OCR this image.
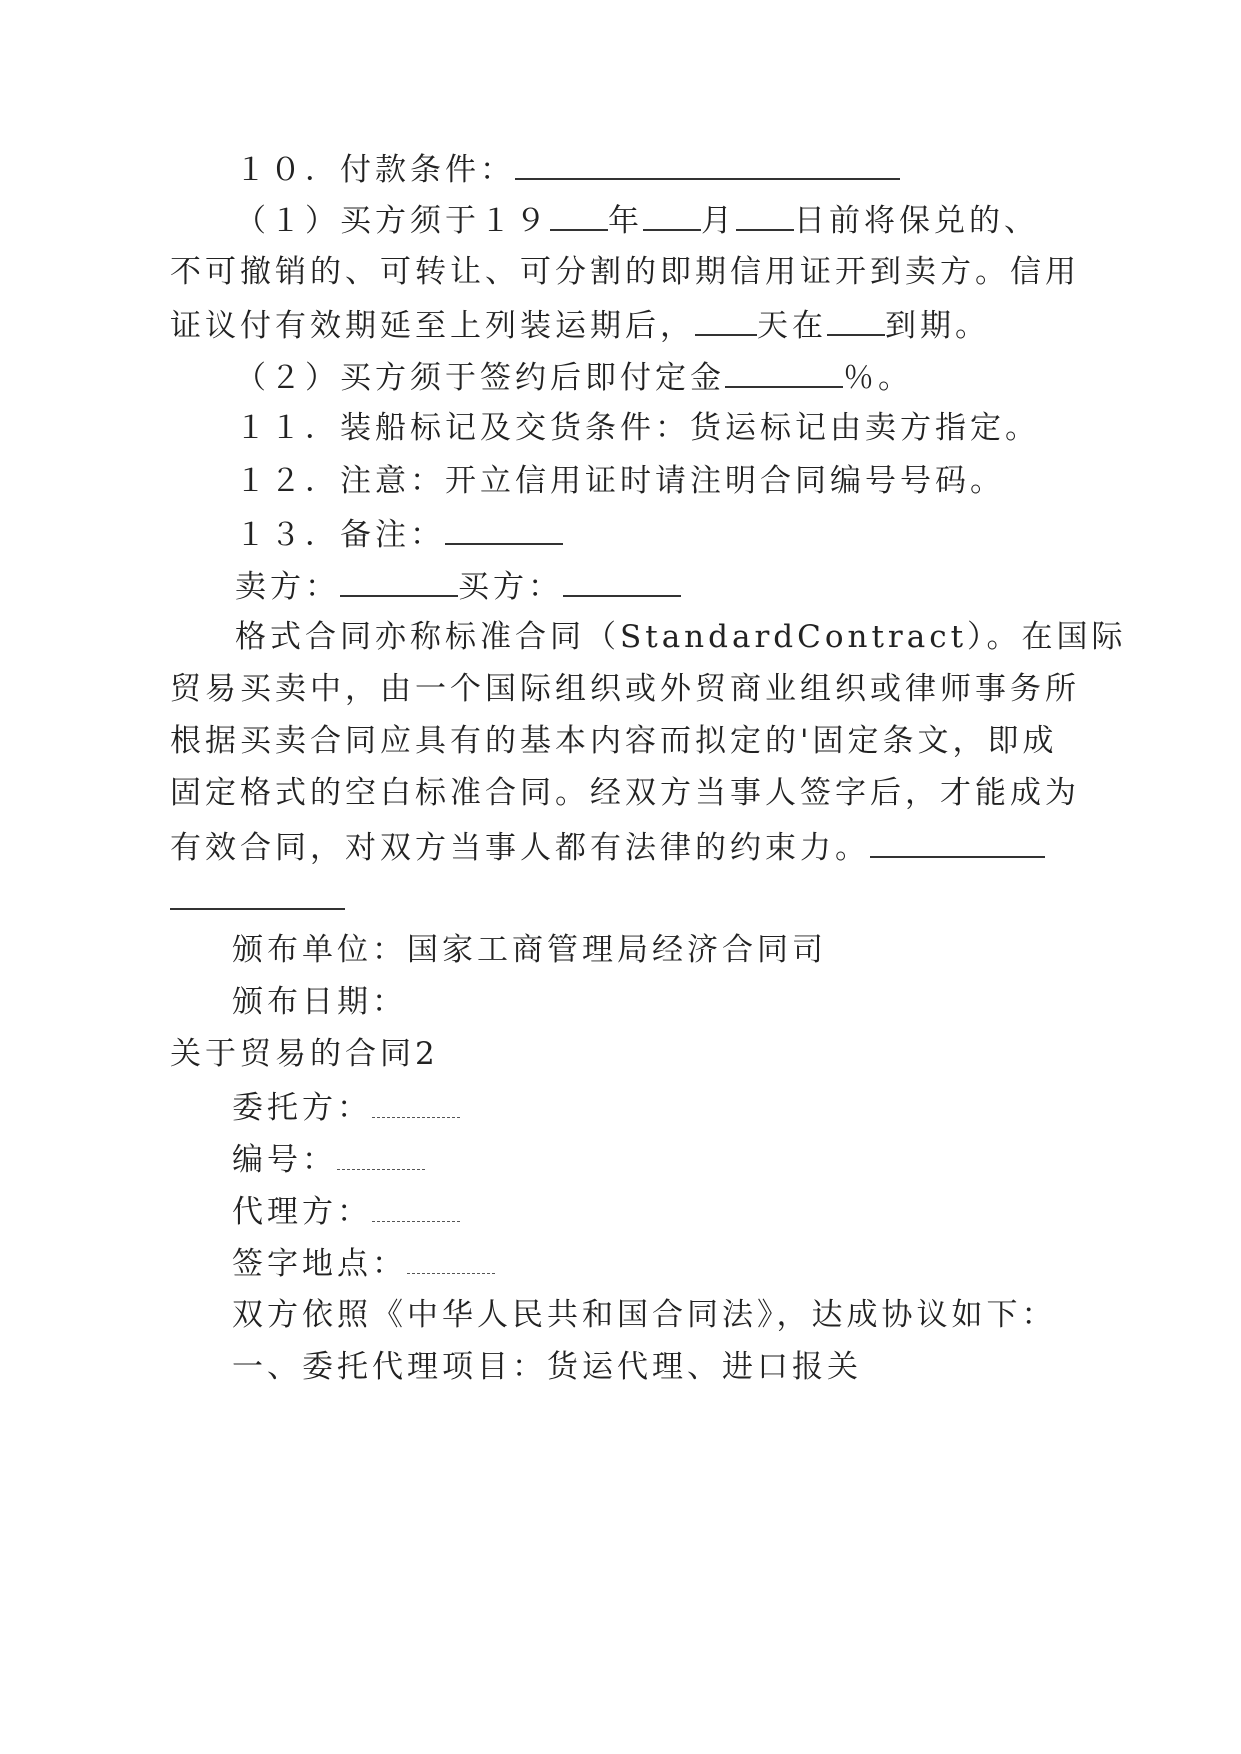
１０．付款条件：
（１）买方须于１９ 年 月 日前将保兑的、
不可撤销的、可转让、可分割的即期信用证开到卖方。信用
证议付有效期延至上列装运期后， 天在 到期。
（２）买方须于签约后即付定金	％。
１１．装船标记及交货条件：货运标记由卖方指定。
１２．注意：开立信用证时请注明合同编号号码。
１３．备注：
卖方：	买方：
格式合同亦称标准合同（StandardContract）。在国际
贸易买卖中，由一个国际组织或外贸商业组织或律师事务所
根据买卖合同应具有的基本内容而拟定的'固定条文，即成
固定格式的空白标准合同。经双方当事人签字后，才能成为
有效合同，对双方当事人都有法律的约束力。
颁布单位：国家工商管理局经济合同司
颁布日期：
关于贸易的合同2
委托方：
编号：
代理方：
签字地点：
双方依照《中华人民共和国合同法》，达成协议如下：
一、委托代理项目：货运代理、进口报关
